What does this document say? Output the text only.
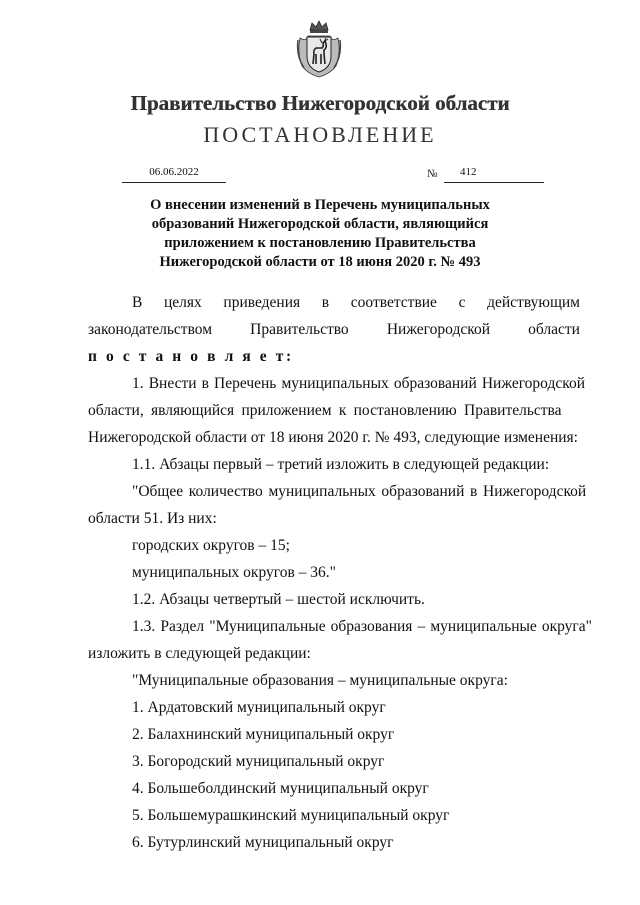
Правительство Нижегородской области
ПОСТАНОВЛЕНИЕ
06.06.2022	№ 412
О внесении изменений в Перечень муниципальных
образований Нижегородской области, являющийся
приложением к постановлению Правительства
Нижегородской области от 18 июня 2020 г. № 493
В целях приведения в соответствие с действующим
законодательством Правительство Нижегородской области
п о с т а н о в л я е т:
1. Внести в Перечень муниципальных образований Нижегородской
области, являющийся приложением к постановлению Правительства
Нижегородской области от 18 июня 2020 г. № 493, следующие изменения:
1.1. Абзацы первый – третий изложить в следующей редакции:
"Общее количество муниципальных образований в Нижегородской
области 51. Из них:
городских округов – 15;
муниципальных округов – 36."
1.2. Абзацы четвертый – шестой исключить.
1.3. Раздел "Муниципальные образования – муниципальные округа"
изложить в следующей редакции:
"Муниципальные образования – муниципальные округа:
1. Ардатовский муниципальный округ
2. Балахнинский муниципальный округ
3. Богородский муниципальный округ
4. Большеболдинский муниципальный округ
5. Большемурашкинский муниципальный округ
6. Бутурлинский муниципальный округ
